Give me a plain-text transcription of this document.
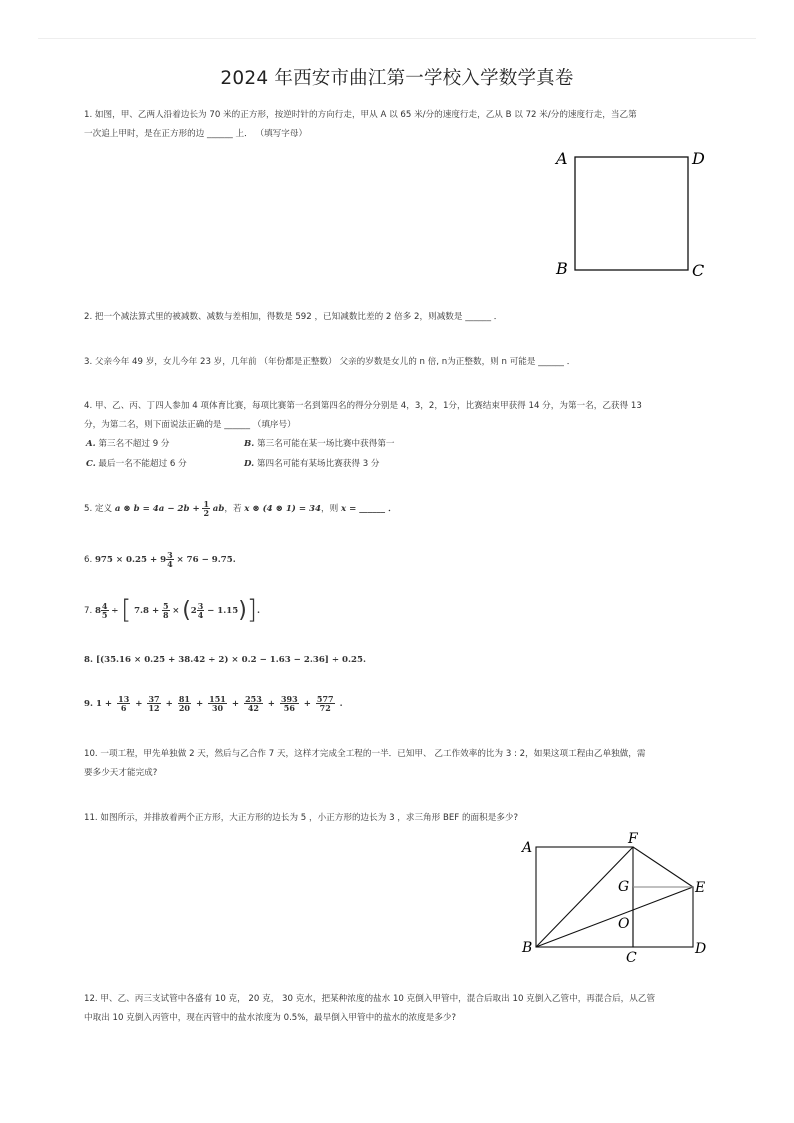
2024 年西安市曲江第一学校入学数学真卷
1. 如图，甲、乙两人沿着边长为 70 米的正方形，按逆时针的方向行走，甲从 A 以 65 米/分的速度行走，乙从 B 以 72 米/分的速度行走，当乙第
一次追上甲时，是在正方形的边 ______ 上． （填写字母）
A	D
B	C
2. 把一个减法算式里的被减数、减数与差相加，得数是 592 ，已知减数比差的 2 倍多 2，则减数是 ______ ．
3. 父亲今年 49 岁，女儿今年 23 岁，几年前 （年份都是正整数） 父亲的岁数是女儿的 n 倍, n为正整数，则 n 可能是 ______ ．
4. 甲、乙、丙、丁四人参加 4 项体育比赛，每项比赛第一名到第四名的得分分别是 4，3，2，1分，比赛结束甲获得 14 分，为第一名，乙获得 13
分，为第二名，则下面说法正确的是 ______ （填序号）
A. 第三名不超过 9 分	B. 第三名可能在某一场比赛中获得第一
C. 最后一名不能超过 6 分	D. 第四名可能有某场比赛获得 3 分
5. 定义 a ⊗ $b = 4a - 2b + \frac{1}{2}$ ab，若 x ⊗ (4 ⊗ 1) = 34，则 x = ______ ．
6. $975 \times 0.25 + 9 \frac{3}{4} \times 76 - 9.75$.
7. $8 \frac{4}{5}$ ÷ [ $7.8 + \frac{5}{8} \times (2 \frac{3}{4} - 1.15)$].
8. [(35.16 × 0.25 + 38.42 ÷ 2) × 0.2 − 1.63 − 2.36] ÷ 0.25.
9. $1 + \frac{13}{6} + \frac{37}{12} + \frac{81}{20} + \frac{151}{30} + \frac{253}{42} + \frac{393}{56} + \frac{577}{72}$ .
10. 一项工程，甲先单独做 2 天，然后与乙合作 7 天，这样才完成全工程的一半．已知甲、 乙工作效率的比为 3 : 2，如果这项工程由乙单独做，需
要多少天才能完成?
11. 如图所示，并排放着两个正方形，大正方形的边长为 5 ，小正方形的边长为 3 ，求三角形 BEF 的面积是多少?
A
F
G	E
O
B
C
D
12. 甲、乙、丙三支试管中各盛有 10 克， 20 克， 30 克水，把某种浓度的盐水 10 克倒入甲管中，混合后取出 10 克倒入乙管中，再混合后，从乙管
中取出 10 克倒入丙管中，现在丙管中的盐水浓度为 0.5%，最早倒入甲管中的盐水的浓度是多少?
